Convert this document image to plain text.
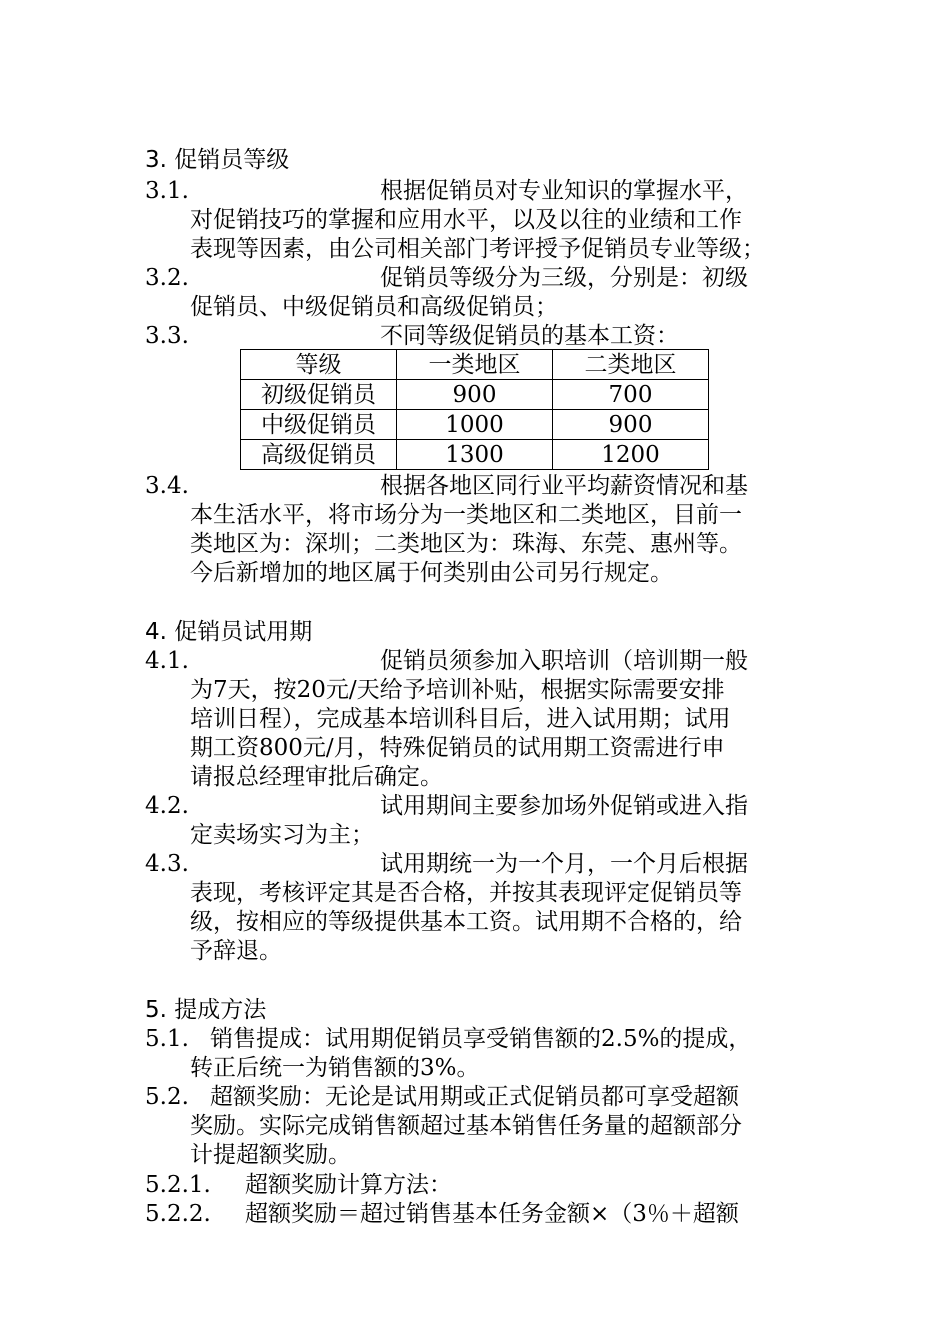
3. 促销员等级
3.1.	根据促销员对专业知识的掌握水平，
对促销技巧的掌握和应用水平，以及以往的业绩和工作
表现等因素，由公司相关部门考评授予促销员专业等级；
3.2.	促销员等级分为三级，分别是：初级
促销员、中级促销员和高级促销员；
3.3.	不同等级促销员的基本工资：
等级	一类地区	二类地区
初级促销员	900	700
中级促销员	1000	900
高级促销员	1300	1200
3.4.	根据各地区同行业平均薪资情况和基
本生活水平，将市场分为一类地区和二类地区，目前一
类地区为：深圳；二类地区为：珠海、东莞、惠州等。
今后新增加的地区属于何类别由公司另行规定。
4. 促销员试用期
4.1.	促销员须参加入职培训（培训期一般
为7天，按20元/天给予培训补贴，根据实际需要安排
培训日程），完成基本培训科目后，进入试用期；试用
期工资800元/月，特殊促销员的试用期工资需进行申
请报总经理审批后确定。
4.2.	试用期间主要参加场外促销或进入指
定卖场实习为主；
4.3.	试用期统一为一个月，一个月后根据
表现，考核评定其是否合格，并按其表现评定促销员等
级，按相应的等级提供基本工资。试用期不合格的，给
予辞退。
5. 提成方法
5.1. 销售提成：试用期促销员享受销售额的2.5%的提成，
转正后统一为销售额的3%。
5.2. 超额奖励：无论是试用期或正式促销员都可享受超额
奖励。实际完成销售额超过基本销售任务量的超额部分
计提超额奖励。
5.2.1. 超额奖励计算方法：
5.2.2. 超额奖励＝超过销售基本任务金额×（3％＋超额
